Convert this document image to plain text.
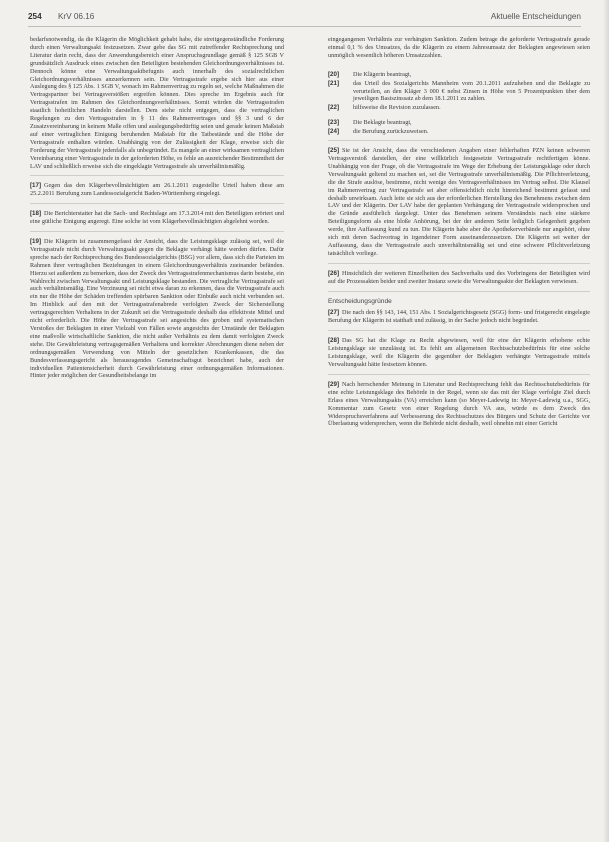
254 KrV 06.16	Aktuelle Entscheidungen

bedarfsnotwendig, da die Klägerin die Möglichkeit gehabt habe, die streitgegenständliche Forderung durch einen Verwaltungsakt festzusetzen. Zwar gebe das SG mit zutreffender Rechtsprechung und Literatur darin recht, dass der Anwendungsbereich einer Anspruchsgrundlage gemäß § 125 SGB V grundsätzlich Ausdruck eines zwischen den Beteiligten bestehenden Gleichordnungsverhältnisses ist. Dennoch könne eine Verwaltungsaktbefugnis auch innerhalb des sozialrechtlichen Gleichordnungsverhältnisses anzuerkennen sein. Die Vertragsstrafe ergebe sich hier aus einer Auslegung des § 125 Abs. 1 SGB V, wonach im Rahmenvertrag zu regeln sei, welche Maßnahmen die Vertragspartner bei Vertragsverstößen ergreifen können. Dies spreche im Ergebnis auch für Vertragsstrafen im Rahmen des Gleichordnungsverhältnisses. Somit würden die Vertragsstrafen staatlich hoheitlichen Handeln darstellen. Dem stehe nicht entgegen, dass die vertraglichen Regelungen zu den Vertragsstrafen in § 11 des Rahmenvertrages und §§ 3 und 6 der Zusatzvereinbarung in keinem Maße offen und auslegungsbedürftig seien und gerade keinen Maßstab auf einer vertraglichen Einigung beruhenden Maßstab für die Tatbestände und die Höhe der Vertragsstrafe enthalten würden. Unabhängig von der Zulässigkeit der Klage, erweise sich die Forderung der Vertragsstrafe jedenfalls als unbegründet. Es mangele an einer wirksamen vertraglichen Vereinbarung einer Vertragsstrafe in der geforderten Höhe, es fehle an ausreichender Bestimmtheit der LAV und schließlich erweise sich die eingeklagte Vertragsstrafe als unverhältnismäßig.

[17] Gegen das den Klägerbevollmächtigten am 26.1.2011 zugestellte Urteil haben diese am 25.2.2011 Berufung zum Landessozialgericht Baden-Württemberg eingelegt.

[18] Die Berichterstatter hat die Sach- und Rechtslage am 17.3.2014 mit den Beteiligten erörtert und eine gütliche Einigung angeregt. Eine solche ist vom Klägerbevollmächtigten abgelehnt worden.

[19] Die Klägerin ist zusammengefasst der Ansicht, dass die Leistungsklage zulässig sei, weil die Vertragsstrafe nicht durch Verwaltungsakt gegen die Beklagte verhängt hätte werden dürfen. Dafür spreche nach der Rechtsprechung des Bundessozialgerichts (BSG) vor allem, dass sich die Parteien im Rahmen ihrer vertraglichen Beziehungen in einem Gleichordnungsverhältnis zueinander befänden. Hierzu sei außerdem zu bemerken, dass der Zweck des Vertragsstrafenmechanismus darin bestehe, ein Wahlrecht zwischen Verwaltungsakt und Leistungsklage bestanden. Die vertragliche Vertragsstrafe sei auch verhältnismäßig. Eine Verzinsung sei nicht etwa daran zu erkennen, dass die Vertragsstrafe auch ein nur die Höhe der Schäden treffenden spürbaren Sanktion oder Einbuße auch nicht verbunden sei. Im Hinblick auf den mit der Vertragsstrafenabrede verfolgten Zweck der Sicherstellung vertragsgerechten Verhaltens in der Zukunft sei die Vertragsstrafe deshalb das effektivste Mittel und nicht erforderlich. Die Höhe der Vertragsstrafe sei angesichts des groben und systematischen Verstoßes der Beklagten in einer Vielzahl von Fällen sowie angesichts der Umstände der Beklagten eine maßvolle wirtschaftliche Sanktion, die nicht außer Verhältnis zu dem damit verfolgten Zweck stehe. Die Gewährleistung vertragsgemäßen Verhaltens und korrekter Abrechnungen diene neben der ordnungsgemäßen Verwendung von Mitteln der gesetzlichen Krankenkassen, die das Bundesverfassungsgericht als herausragendes Gemeinschaftsgut bezeichnet habe, auch der individuellen Patientensicherheit durch Gewährleistung einer ordnungsgemäßen Informationen. Hinter jeder möglichen der Gesundheitsbelange im

eingegangenen Verhältnis zur verhängten Sanktion. Zudem betrage die geforderte Vertragsstrafe gerade einmal 0,1 % des Umsatzes, da die Klägerin zu einem Jahresumsatz der Beklagten angewiesen seien unmöglich wesentlich höheren Umsatzzahlen.

[20]	Die Klägerin beantragt,
[21]	das Urteil des Sozialgerichts Mannheim vom 20.1.2011 aufzuheben und die Beklagte zu verurteilen, an den Kläger 3 000 € nebst Zinsen in Höhe von 5 Prozentpunkten über dem jeweiligen Basiszinssatz ab dem 18.1.2011 zu zahlen.
[22]	hilfsweise die Revision zuzulassen.
[23]	Die Beklagte beantragt,
[24]	die Berufung zurückzuweisen.

[25] Sie ist der Ansicht, dass die verschiedenen Angaben einer fehlerhaften PZN keinen schweren Vertragsverstoß darstellen, der eine willkürlich festgesetzte Vertragsstrafe rechtfertigen könne. Unabhängig von der Frage, ob die Vertragsstrafe im Wege der Erhebung der Leistungsklage oder durch Verwaltungsakt geltend zu machen sei, sei die Vertragsstrafe unverhältnismäßig. Die Pflichtverletzung, die die Strafe auslöse, bestimme, nicht wenige des Vertragsverhältnisses im Vertrag selbst. Die Klausel im Rahmenvertrag zur Vertragsstrafe sei aber offensichtlich nicht hinreichend bestimmt gefasst und deshalb unwirksam. Auch leite sie sich aus der erforderlichen Herstellung des Benehmens zwischen dem LAV und der Klägerin. Der LAV habe der geplanten Verhängung der Vertragsstrafe widersprochen und die Gründe ausführlich dargelegt. Unter das Benehmen seinem Verständnis nach eine stärkere Beteiligungsform als eine bloße Anhörung, bei der der anderen Seite lediglich Gelegenheit gegeben werde, ihre Auffassung kund zu tun. Die Klägerin habe aber die Apothekerverbände nur angehört, ohne sich mit deren Sachvortrag in irgendeiner Form auseinanderzusetzen. Die Klägerin sei weiter der Auffassung, dass die Vertragsstrafe auch unverhältnismäßig sei und eine schwere Pflichtverletzung tatsächlich vorliege.

[26] Hinsichtlich der weiteren Einzelheiten des Sachverhalts und des Vorbringens der Beteiligten wird auf die Prozessakten beider und zweiter Instanz sowie die Verwaltungsakte der Beklagten verwiesen.

Entscheidungsgründe

[27] Die nach den §§ 143, 144, 151 Abs. 1 Sozialgerichtsgesetz (SGG) form- und fristgerecht eingelegte Berufung der Klägerin ist statthaft und zulässig, in der Sache jedoch nicht begründet.

[28] Das SG hat die Klage zu Recht abgewiesen, weil für eine der Klägerin erhobene echte Leistungsklage sie unzulässig ist. Es fehlt am allgemeinen Rechtsschutzbedürfnis für eine solche Leistungsklage, weil die Klägerin die gegenüber der Beklagten verhängte Vertragsstrafe mittels Verwaltungsakt hätte festsetzen können.

[29] Nach herrschender Meinung in Literatur und Rechtsprechung fehlt das Rechtsschutzbedürfnis für eine echte Leistungsklage des Behörde in der Regel, wenn sie das mit der Klage verfolgte Ziel durch Erlass eines Verwaltungsakts (VA) erreichen kann (so Meyer-Ladewig in: Meyer-Ladewig u.a., SGG, Kommentar zum Gesetz von einer Regelung durch VA aus, würde es dem Zweck des Widerspruchsverfahrens auf Verbesserung des Rechtsschutzes des Bürgers und Schutz der Gerichte vor Überlastung widersprechen, wenn die Behörde nicht deshalb, weil ohnehin mit einer Gericht
